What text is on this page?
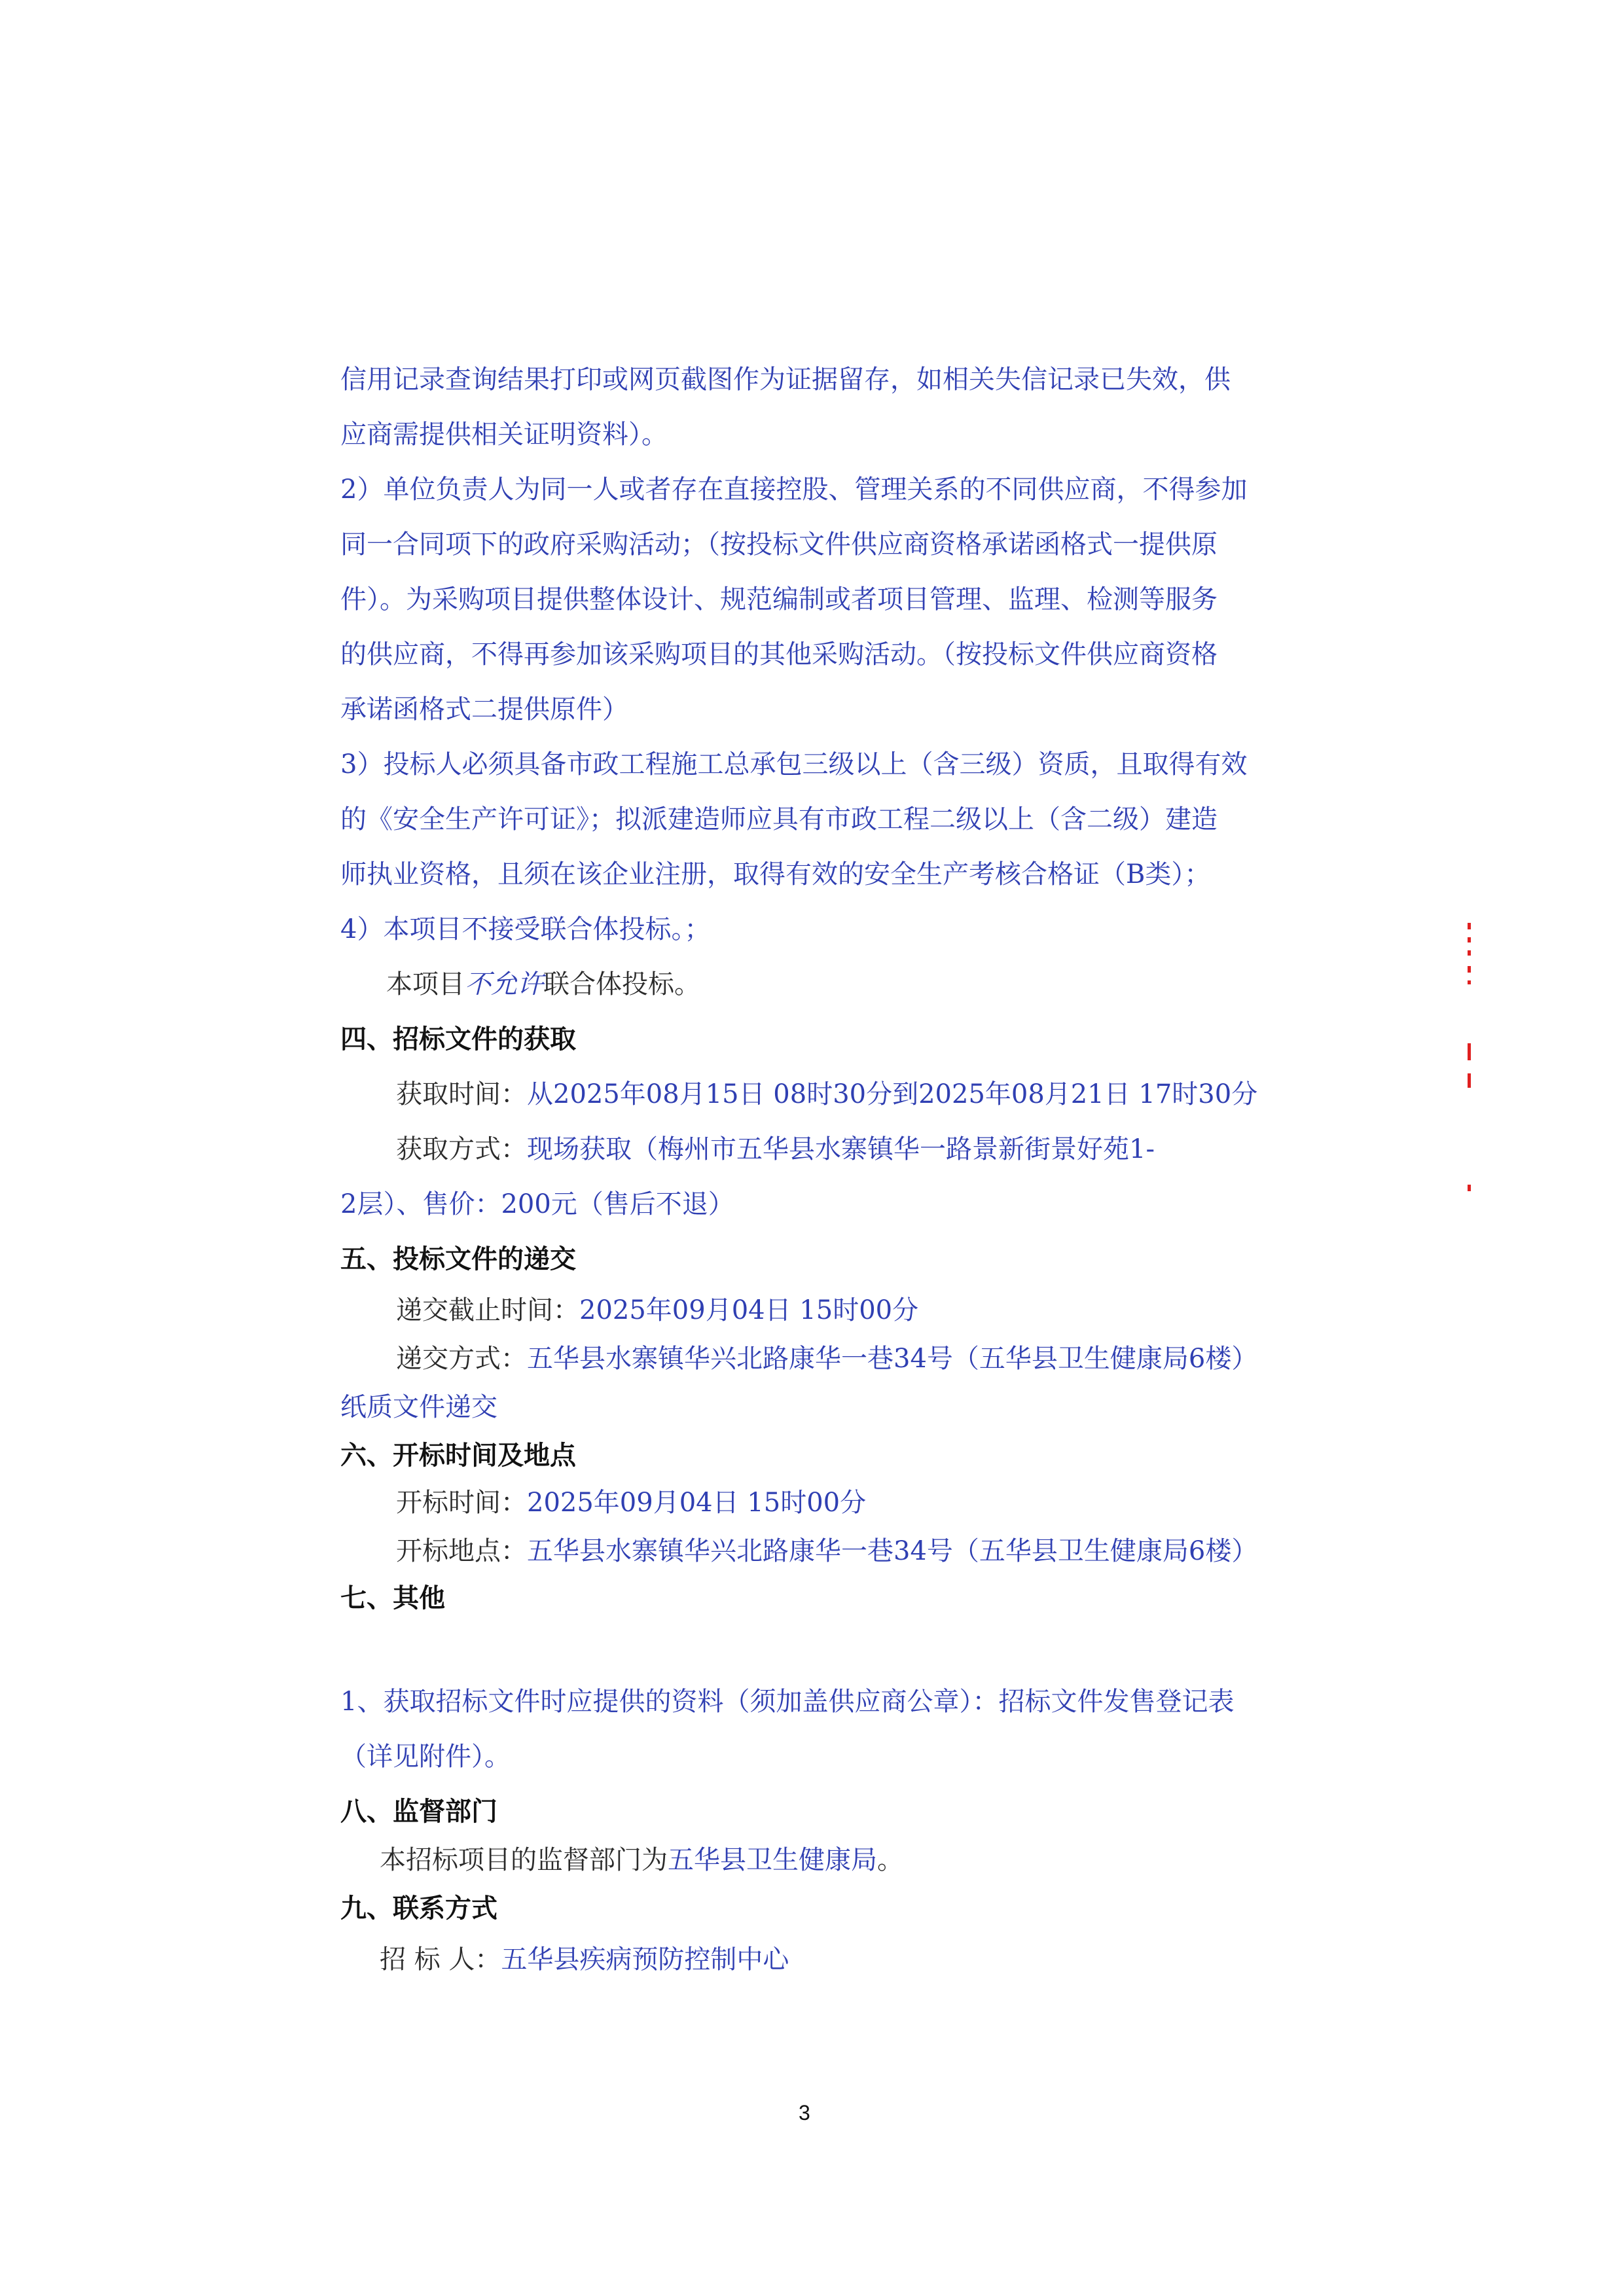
信用记录查询结果打印或网页截图作为证据留存，如相关失信记录已失效，供
应商需提供相关证明资料）。
2）单位负责人为同一人或者存在直接控股、管理关系的不同供应商，不得参加
同一合同项下的政府采购活动；（按投标文件供应商资格承诺函格式一提供原
件）。为采购项目提供整体设计、规范编制或者项目管理、监理、检测等服务
的供应商，不得再参加该采购项目的其他采购活动。（按投标文件供应商资格
承诺函格式二提供原件）
3）投标人必须具备市政工程施工总承包三级以上（含三级）资质，且取得有效
的《安全生产许可证》；拟派建造师应具有市政工程二级以上（含二级）建造
师执业资格，且须在该企业注册，取得有效的安全生产考核合格证（B类）；
4）本项目不接受联合体投标。；
本项目不允许联合体投标。
四、招标文件的获取
获取时间：从2025年08月15日 08时30分到2025年08月21日 17时30分
获取方式：现场获取（梅州市五华县水寨镇华一路景新街景好苑1-
2层）、售价：200元（售后不退）
五、投标文件的递交
递交截止时间：2025年09月04日 15时00分
递交方式：五华县水寨镇华兴北路康华一巷34号（五华县卫生健康局6楼）
纸质文件递交
六、开标时间及地点
开标时间：2025年09月04日 15时00分
开标地点：五华县水寨镇华兴北路康华一巷34号（五华县卫生健康局6楼）
七、其他
1、获取招标文件时应提供的资料（须加盖供应商公章）：招标文件发售登记表
（详见附件）。
八、监督部门
本招标项目的监督部门为五华县卫生健康局。
九、联系方式
招 标 人：五华县疾病预防控制中心
3
